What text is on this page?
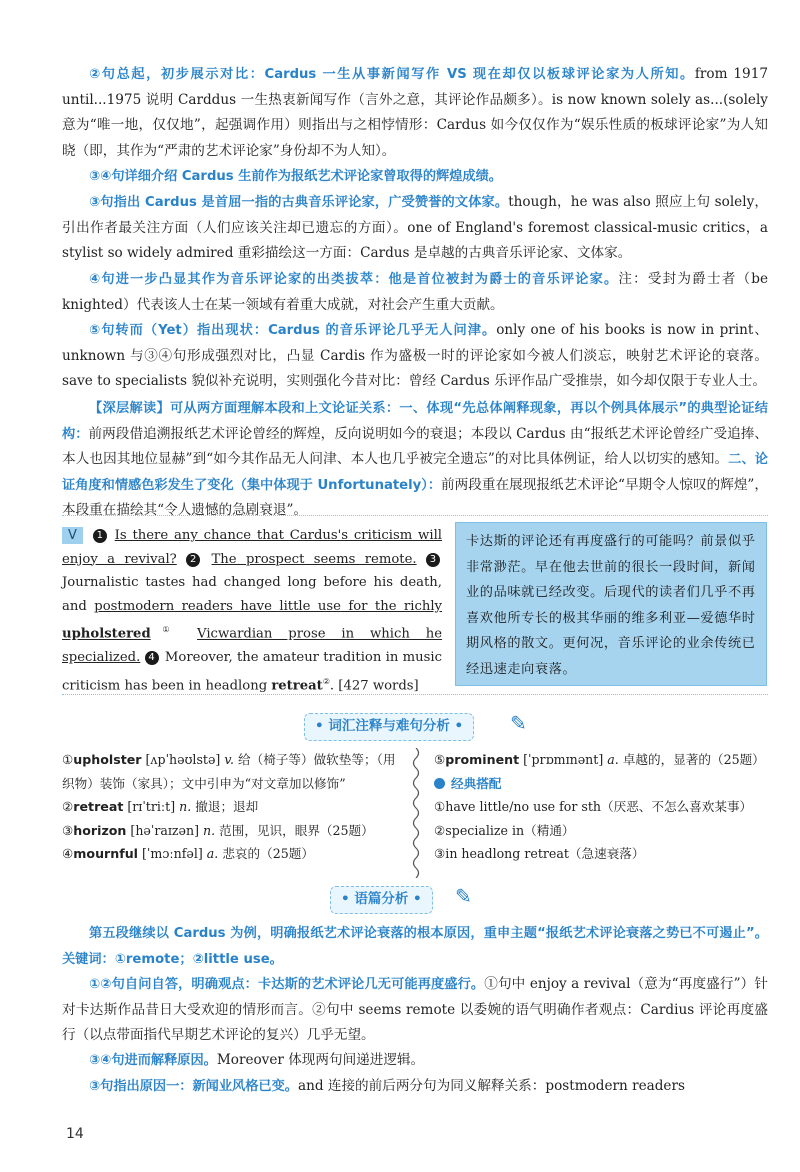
②句总起，初步展示对比：Cardus 一生从事新闻写作 VS 现在却仅以板球评论家为人所知。from 1917 until...1975 说明 Carddus 一生热衷新闻写作（言外之意，其评论作品颇多）。is now known solely as...(solely 意为“唯一地，仅仅地”，起强调作用）则指出与之相悖情形：Cardus 如今仅仅作为“娱乐性质的板球评论家”为人知晓（即，其作为“严肃的艺术评论家”身份却不为人知）。

③④句详细介绍 Cardus 生前作为报纸艺术评论家曾取得的辉煌成绩。

③句指出 Cardus 是首屈一指的古典音乐评论家，广受赞誉的文体家。though，he was also 照应上句 solely，引出作者最关注方面（人们应该关注却已遗忘的方面）。one of England's foremost classical-music critics，a stylist so widely admired 重彩描绘这一方面：Cardus 是卓越的古典音乐评论家、文体家。

④句进一步凸显其作为音乐评论家的出类拔萃：他是首位被封为爵士的音乐评论家。注：受封为爵士者（be knighted）代表该人士在某一领域有着重大成就，对社会产生重大贡献。

⑤句转而（Yet）指出现状：Cardus 的音乐评论几乎无人问津。only one of his books is now in print、unknown 与③④句形成强烈对比，凸显 Cardis 作为盛极一时的评论家如今被人们淡忘，映射艺术评论的衰落。save to specialists 貌似补充说明，实则强化今昔对比：曾经 Cardus 乐评作品广受推崇，如今却仅限于专业人士。

【深层解读】可从两方面理解本段和上文论证关系：一、体现“先总体阐释现象，再以个例具体展示”的典型论证结构：前两段借追溯报纸艺术评论曾经的辉煌，反向说明如今的衰退；本段以 Cardus 由“报纸艺术评论曾经广受追捧、本人也因其地位显赫”到“如今其作品无人问津、本人也几乎被完全遗忘”的对比具体例证，给人以切实的感知。二、论证角度和情感色彩发生了变化（集中体现于 Unfortunately）：前两段重在展现报纸艺术评论“早期令人惊叹的辉煌”，本段重在描绘其“令人遗憾的急剧衰退”。

V 1 Is there any chance that Cardus's criticism will enjoy a revival? 2 The prospect seems remote. 3 Journalistic tastes had changed long before his death, and postmodern readers have little use for the richly upholstered① Vicwardian prose in which he specialized. 4 Moreover, the amateur tradition in music criticism has been in headlong retreat②. [427 words]
卡达斯的评论还有再度盛行的可能吗？前景似乎非常渺茫。早在他去世前的很长一段时间，新闻业的品味就已经改变。后现代的读者们几乎不再喜欢他所专长的极其华丽的维多利亚—爱德华时期风格的散文。更何况，音乐评论的业余传统已经迅速走向衰落。
• 词汇注释与难句分析 •	✎
①upholster [ʌpˈhəʊlstə] v. 给（椅子等）做软垫等；（用织物）装饰（家具）；文中引申为“对文章加以修饰”
②retreat [rɪˈtriːt] n. 撤退；退却
③horizon [həˈraɪzən] n. 范围，见识，眼界（25题）
④mournful [ˈmɔːnfəl] a. 悲哀的（25题）
⑤prominent [ˈprɒmɪnənt] a. 卓越的，显著的（25题）
经典搭配
①have little/no use for sth（厌恶、不怎么喜欢某事）
②specialize in（精通）
③in headlong retreat（急速衰落）
• 语篇分析 •	✎

第五段继续以 Cardus 为例，明确报纸艺术评论衰落的根本原因，重申主题“报纸艺术评论衰落之势已不可遏止”。关键词：①remote；②little use。

①②句自问自答，明确观点：卡达斯的艺术评论几无可能再度盛行。①句中 enjoy a revival（意为“再度盛行”）针对卡达斯作品昔日大受欢迎的情形而言。②句中 seems remote 以委婉的语气明确作者观点：Cardius 评论再度盛行（以点带面指代早期艺术评论的复兴）几乎无望。

③④句进而解释原因。Moreover 体现两句间递进逻辑。

③句指出原因一：新闻业风格已变。and 连接的前后两分句为同义解释关系：postmodern readers

14
